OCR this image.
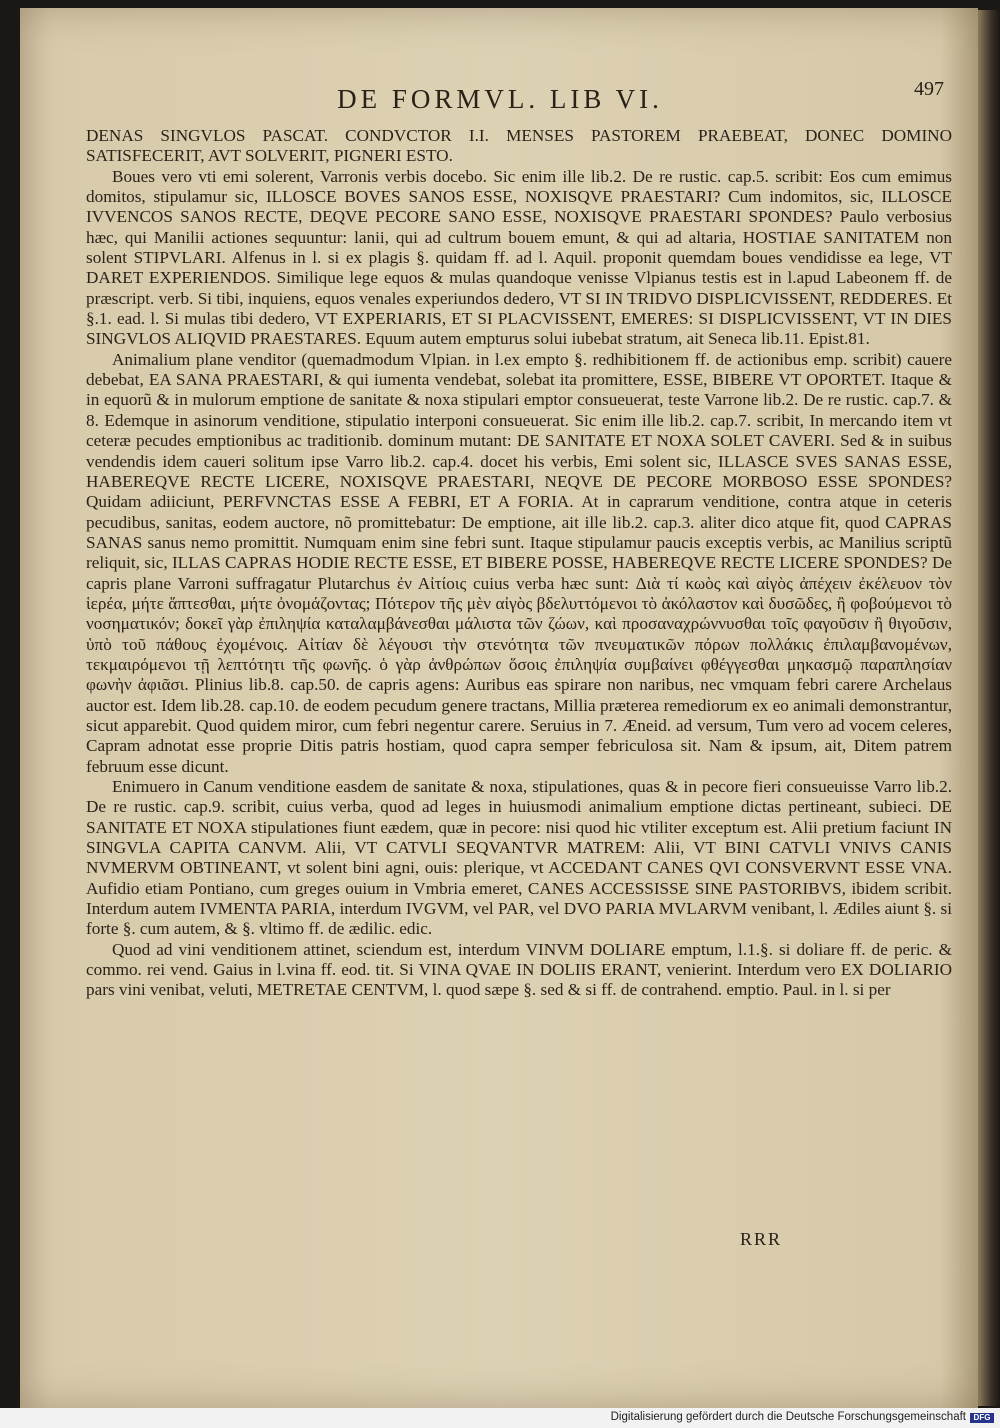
DE FORMVL. LIB VI.	497

DENAS SINGVLOS PASCAT. CONDVCTOR I.I. MENSES PASTOREM PRAEBEAT, DONEC DOMINO SATISFECERIT, AVT SOLVERIT, PIGNERI ESTO.

Boues vero vti emi solerent, Varronis verbis docebo. Sic enim ille lib.2. De re rustic. cap.5. scribit: Eos cum emimus domitos, stipulamur sic, ILLOSCE BOVES SANOS ESSE, NOXISQVE PRAESTARI? Cum indomitos, sic, ILLOSCE IVVENCOS SANOS RECTE, DEQVE PECORE SANO ESSE, NOXISQVE PRAESTARI SPONDES? Paulo verbosius hæc, qui Manilii actiones sequuntur: lanii, qui ad cultrum bouem emunt, & qui ad altaria, HOSTIAE SANITATEM non solent STIPVLARI. Alfenus in l. si ex plagis §. quidam ff. ad l. Aquil. proponit quemdam boues vendidisse ea lege, VT DARET EXPERIENDOS. Similique lege equos & mulas quandoque venisse Vlpianus testis est in l.apud Labeonem ff. de præscript. verb. Si tibi, inquiens, equos venales experiundos dedero, VT SI IN TRIDVO DISPLICVISSENT, REDDERES. Et §.1. ead. l. Si mulas tibi dedero, VT EXPERIARIS, ET SI PLACVISSENT, EMERES: SI DISPLICVISSENT, VT IN DIES SINGVLOS ALIQVID PRAESTARES. Equum autem empturus solui iubebat stratum, ait Seneca lib.11. Epist.81.

Animalium plane venditor (quemadmodum Vlpian. in l.ex empto §. redhibitionem ff. de actionibus emp. scribit) cauere debebat, EA SANA PRAESTARI, & qui iumenta vendebat, solebat ita promittere, ESSE, BIBERE VT OPORTET. Itaque & in equorũ & in mulorum emptione de sanitate & noxa stipulari emptor consueuerat, teste Varrone lib.2. De re rustic. cap.7. & 8. Edemque in asinorum venditione, stipulatio interponi consueuerat. Sic enim ille lib.2. cap.7. scribit, In mercando item vt ceteræ pecudes emptionibus ac traditionib. dominum mutant: DE SANITATE ET NOXA SOLET CAVERI. Sed & in suibus vendendis idem caueri solitum ipse Varro lib.2. cap.4. docet his verbis, Emi solent sic, ILLASCE SVES SANAS ESSE, HABEREQVE RECTE LICERE, NOXISQVE PRAESTARI, NEQVE DE PECORE MORBOSO ESSE SPONDES? Quidam adiiciunt, PERFVNCTAS ESSE A FEBRI, ET A FORIA. At in caprarum venditione, contra atque in ceteris pecudibus, sanitas, eodem auctore, nõ promittebatur: De emptione, ait ille lib.2. cap.3. aliter dico atque fit, quod CAPRAS SANAS sanus nemo promittit. Numquam enim sine febri sunt. Itaque stipulamur paucis exceptis verbis, ac Manilius scriptũ reliquit, sic, ILLAS CAPRAS HODIE RECTE ESSE, ET BIBERE POSSE, HABEREQVE RECTE LICERE SPONDES? De capris plane Varroni suffragatur Plutarchus ἐν Αἰτίοις cuius verba hæc sunt: Διὰ τί κωὸς καὶ αἰγὸς ἀπέχειν ἐκέλευον τὸν ἱερέα, μήτε ἅπτεσθαι, μήτε ὀνομάζοντας; Πότερον τῆς μὲν αἰγὸς βδελυττόμενοι τὸ ἀκόλαστον καὶ δυσῶδες, ἢ φοβούμενοι τὸ νοσηματικόν; δοκεῖ γὰρ ἐπιληψία καταλαμβάνεσθαι μάλιστα τῶν ζώων, καὶ προσαναχρώννυσθαι τοῖς φαγοῦσιν ἢ θιγοῦσιν, ὑπὸ τοῦ πάθους ἐχομένοις. Αἰτίαν δὲ λέγουσι τὴν στενότητα τῶν πνευματικῶν πόρων πολλάκις ἐπιλαμβανομένων, τεκμαιρόμενοι τῇ λεπτότητι τῆς φωνῆς. ὁ γὰρ ἀνθρώπων ὅσοις ἐπιληψία συμβαίνει φθέγγεσθαι μηκασμῷ παραπλησίαν φωνὴν ἀφιᾶσι. Plinius lib.8. cap.50. de capris agens: Auribus eas spirare non naribus, nec vmquam febri carere Archelaus auctor est. Idem lib.28. cap.10. de eodem pecudum genere tractans, Millia præterea remediorum ex eo animali demonstrantur, sicut apparebit. Quod quidem miror, cum febri negentur carere. Seruius in 7. Æneid. ad versum, Tum vero ad vocem celeres, Capram adnotat esse proprie Ditis patris hostiam, quod capra semper febriculosa sit. Nam & ipsum, ait, Ditem patrem februum esse dicunt.

Enimuero in Canum venditione easdem de sanitate & noxa, stipulationes, quas & in pecore fieri consueuisse Varro lib.2. De re rustic. cap.9. scribit, cuius verba, quod ad leges in huiusmodi animalium emptione dictas pertineant, subieci. DE SANITATE ET NOXA stipulationes fiunt eædem, quæ in pecore: nisi quod hic vtiliter exceptum est. Alii pretium faciunt IN SINGVLA CAPITA CANVM. Alii, VT CATVLI SEQVANTVR MATREM: Alii, VT BINI CATVLI VNIVS CANIS NVMERVM OBTINEANT, vt solent bini agni, ouis: plerique, vt ACCEDANT CANES QVI CONSVERVNT ESSE VNA. Aufidio etiam Pontiano, cum greges ouium in Vmbria emeret, CANES ACCESSISSE SINE PASTORIBVS, ibidem scribit. Interdum autem IVMENTA PARIA, interdum IVGVM, vel PAR, vel DVO PARIA MVLARVM venibant, l. Ædiles aiunt §. si forte §. cum autem, & §. vltimo ff. de ædilic. edic.

Quod ad vini venditionem attinet, sciendum est, interdum VINVM DOLIARE emptum, l.1.§. si doliare ff. de peric. & commo. rei vend. Gaius in l.vina ff. eod. tit. Si VINA QVAE IN DOLIIS ERANT, venierint. Interdum vero EX DOLIARIO pars vini venibat, veluti, METRETAE CENTVM, l. quod sæpe §. sed & si ff. de contrahend. emptio. Paul. in l. si per

RRR
Digitalisierung gefördert durch die Deutsche Forschungsgemeinschaft DFG
